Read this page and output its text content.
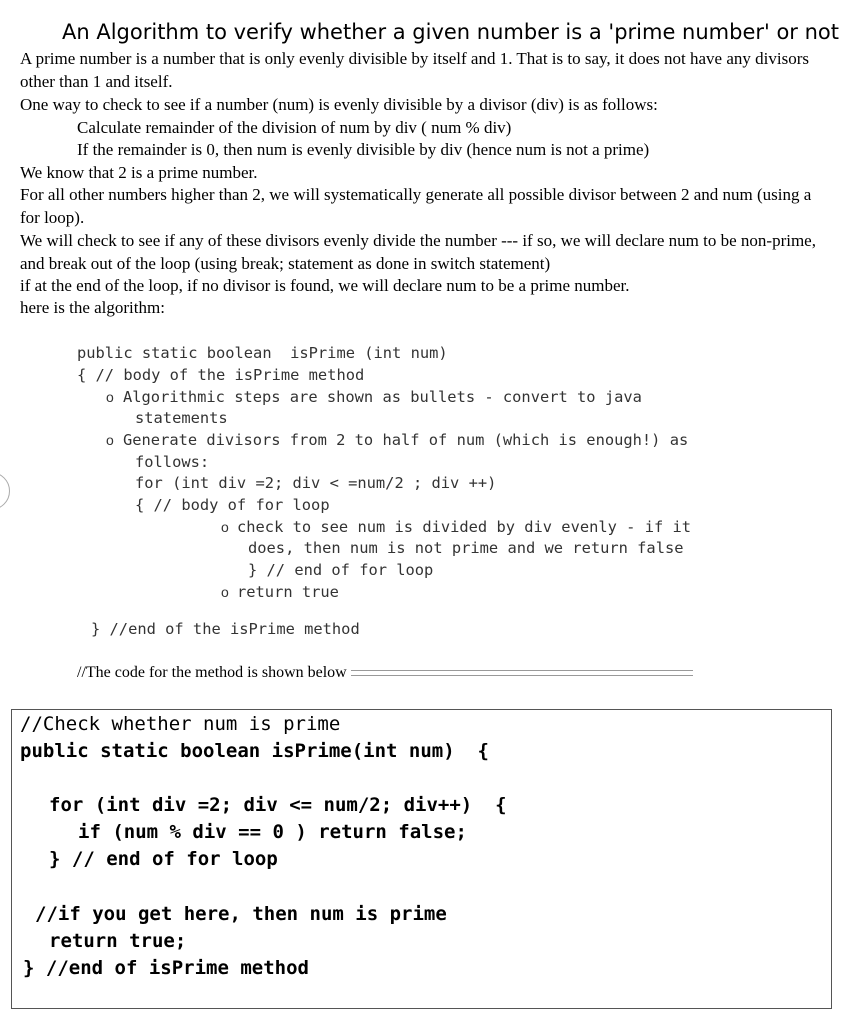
An Algorithm to verify whether a given number is a 'prime number' or not
A prime number is a number that is only evenly divisible by itself and 1. That is to say, it does not have any divisors other than 1 and itself.
One way to check to see if a number (num) is evenly divisible by a divisor (div) is as follows:
Calculate remainder of the division of num by div ( num % div)
If the remainder is 0, then num is evenly divisible by div (hence num is not a prime)
We know that 2 is a prime number.
For all other numbers higher than 2, we will systematically generate all possible divisor between 2 and num (using a for loop).
We will check to see if any of these divisors evenly divide the number --- if so, we will declare num to be non-prime, and break out of the loop (using break; statement as done in switch statement)
if at the end of the loop, if no divisor is found, we will declare num to be a prime number.
here is the algorithm:
public static boolean  isPrime (int num)
{ // body of the isPrime method
o Algorithmic steps are shown as bullets - convert to java
statements
o Generate divisors from 2 to half of num (which is enough!) as
follows:
for (int div =2; div < =num/2 ; div ++)
{ // body of for loop
o check to see num is divided by div evenly - if it
does, then num is not prime and we return false
} // end of for loop
o return true
} //end of the isPrime method
//The code for the method is shown below
//Check whether num is prime
public static boolean isPrime(int num)  {
for (int div =2; div <= num/2; div++)  {
if (num % div == 0 ) return false;
} // end of for loop
//if you get here, then num is prime
return true;
} //end of isPrime method
